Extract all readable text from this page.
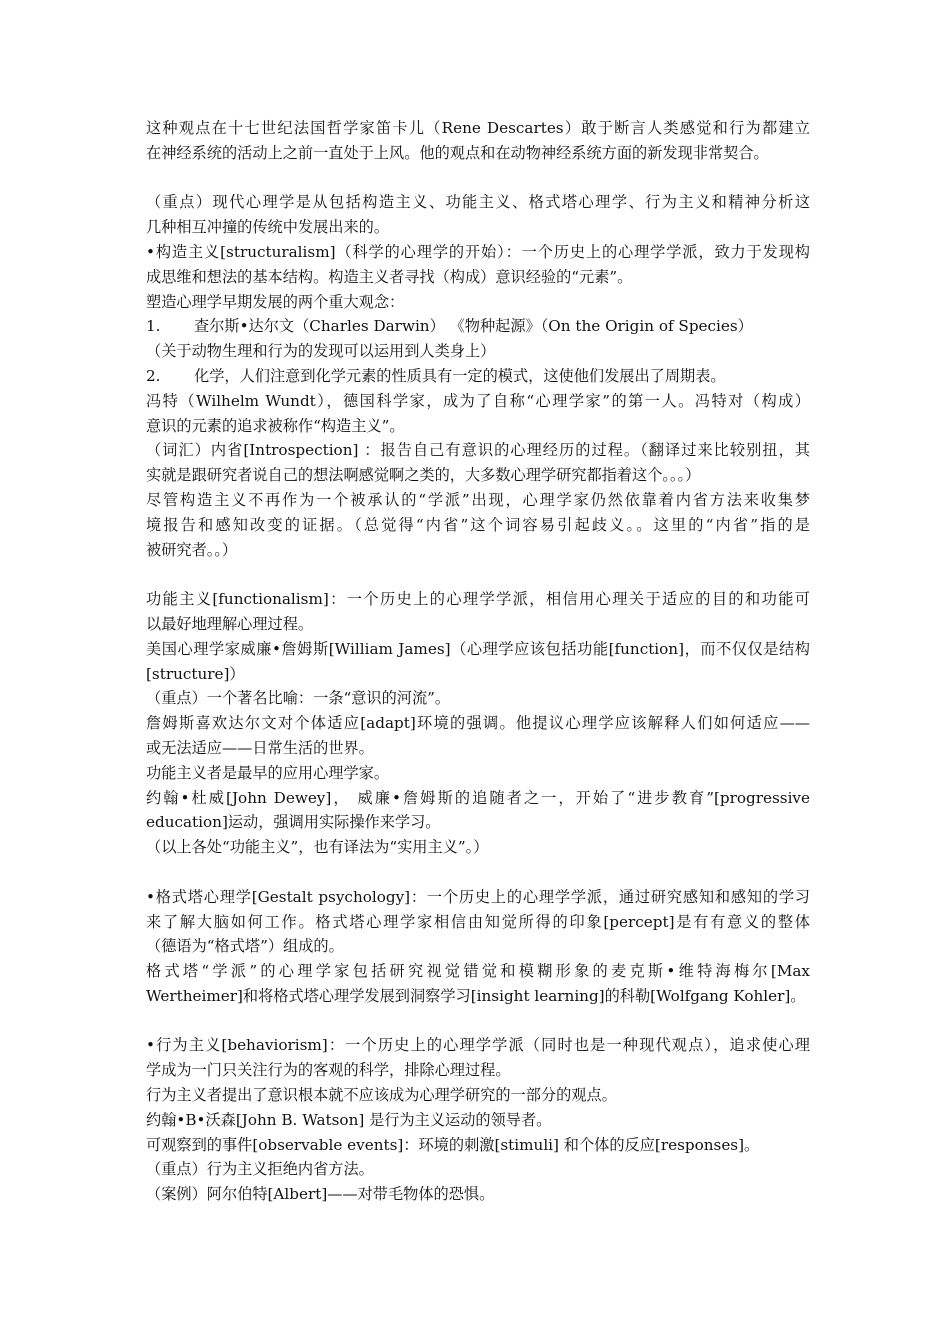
这种观点在十七世纪法国哲学家笛卡儿（Rene Descartes）敢于断言人类感觉和行为都建立
在神经系统的活动上之前一直处于上风。他的观点和在动物神经系统方面的新发现非常契合。
（重点）现代心理学是从包括构造主义、功能主义、格式塔心理学、行为主义和精神分析这
几种相互冲撞的传统中发展出来的。
•构造主义[structuralism]（科学的心理学的开始）：一个历史上的心理学学派，致力于发现构
成思维和想法的基本结构。构造主义者寻找（构成）意识经验的“元素”。
塑造心理学早期发展的两个重大观念：
1. 查尔斯•达尔文（Charles Darwin） 《物种起源》（On the Origin of Species）
（关于动物生理和行为的发现可以运用到人类身上）
2. 化学，人们注意到化学元素的性质具有一定的模式，这使他们发展出了周期表。
冯特（Wilhelm Wundt），德国科学家，成为了自称“心理学家”的第一人。冯特对（构成）
意识的元素的追求被称作“构造主义”。
（词汇）内省[Introspection] ：报告自己有意识的心理经历的过程。（翻译过来比较别扭，其
实就是跟研究者说自己的想法啊感觉啊之类的，大多数心理学研究都指着这个。。。）
尽管构造主义不再作为一个被承认的“学派”出现，心理学家仍然依靠着内省方法来收集梦
境报告和感知改变的证据。（总觉得“内省”这个词容易引起歧义。。这里的“内省”指的是
被研究者。。）
功能主义[functionalism]：一个历史上的心理学学派，相信用心理关于适应的目的和功能可
以最好地理解心理过程。
美国心理学家威廉•詹姆斯[William James]（心理学应该包括功能[function]，而不仅仅是结构
[structure]）
（重点）一个著名比喻：一条“意识的河流”。
詹姆斯喜欢达尔文对个体适应[adapt]环境的强调。他提议心理学应该解释人们如何适应——
或无法适应——日常生活的世界。
功能主义者是最早的应用心理学家。
约翰•杜威[John Dewey]， 威廉•詹姆斯的追随者之一，开始了“进步教育”[progressive
education]运动，强调用实际操作来学习。
（以上各处“功能主义”，也有译法为“实用主义”。）
•格式塔心理学[Gestalt psychology]：一个历史上的心理学学派，通过研究感知和感知的学习
来了解大脑如何工作。格式塔心理学家相信由知觉所得的印象[percept]是有有意义的整体
（德语为“格式塔”）组成的。
格式塔“学派”的心理学家包括研究视觉错觉和模糊形象的麦克斯•维特海梅尔[Max
Wertheimer]和将格式塔心理学发展到洞察学习[insight learning]的科勒[Wolfgang Kohler]。
•行为主义[behaviorism]：一个历史上的心理学学派（同时也是一种现代观点），追求使心理
学成为一门只关注行为的客观的科学，排除心理过程。
行为主义者提出了意识根本就不应该成为心理学研究的一部分的观点。
约翰•B•沃森[John B. Watson] 是行为主义运动的领导者。
可观察到的事件[observable events]：环境的刺激[stimuli] 和个体的反应[responses]。
（重点）行为主义拒绝内省方法。
（案例）阿尔伯特[Albert]——对带毛物体的恐惧。
